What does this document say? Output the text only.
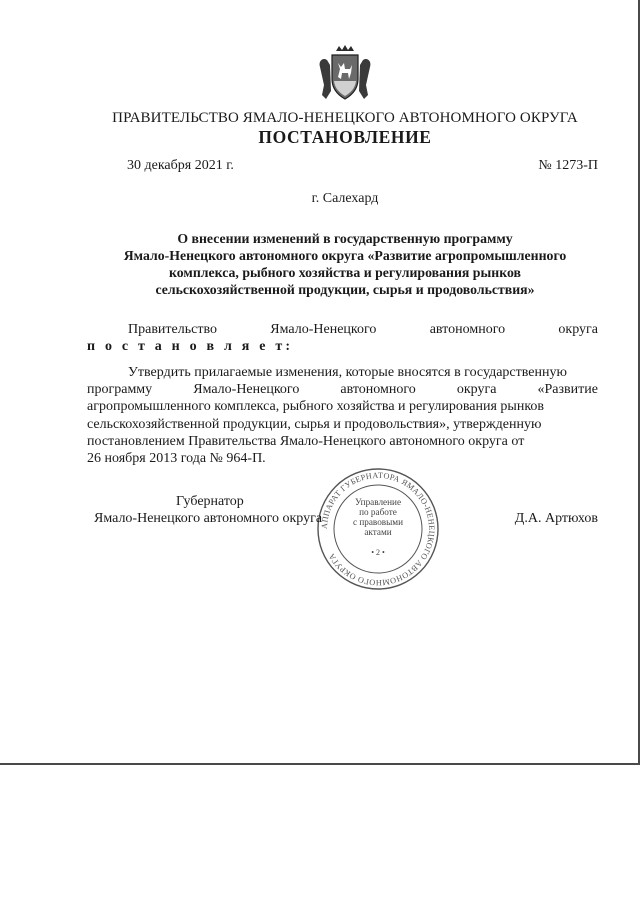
ПРАВИТЕЛЬСТВО ЯМАЛО-НЕНЕЦКОГО АВТОНОМНОГО ОКРУГА
ПОСТАНОВЛЕНИЕ
30 декабря 2021 г.	№ 1273-П
г. Салехард
О внесении изменений в государственную программу
Ямало-Ненецкого автономного округа «Развитие агропромышленного
комплекса, рыбного хозяйства и регулирования рынков
сельскохозяйственной продукции, сырья и продовольствия»
Правительство	Ямало-Ненецкого	автономного	округа
п о с т а н о в л я е т:
Утвердить прилагаемые изменения, которые вносятся в государственную
программу	Ямало-Ненецкого	автономного	округа	«Развитие
агропромышленного комплекса, рыбного хозяйства и регулирования рынков
сельскохозяйственной продукции, сырья и продовольствия», утвержденную
постановлением Правительства Ямало-Ненецкого автономного округа от
26 ноября 2013 года № 964-П.
АППАРАТ ГУБЕРНАТОРА ЯМАЛО-НЕНЕЦКОГО АВТОНОМНОГО ОКРУГА
Управление
по работе
с правовыми
актами
• 2 •
Губернатор
Ямало-Ненецкого автономного округа	Д.А. Артюхов
